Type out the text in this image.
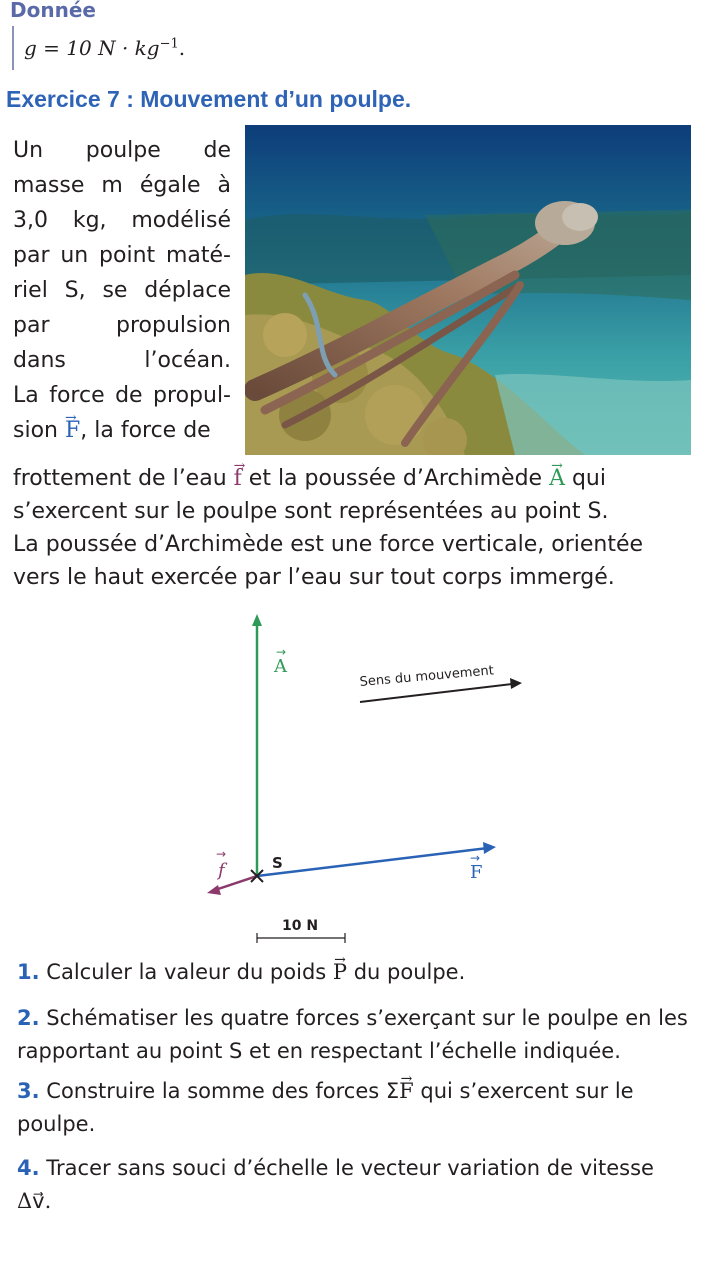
Donnée
g = 10 $N \cdot kg^{-1}$.
Exercice 7 : Mouvement d’un poulpe.
Un poulpe de
masse m égale à
3,0 kg, modélisé
par un point maté-
riel S, se déplace
par propulsion
dans l’océan.
La force de propul-
sion → F, la force de

frottement de l’eau → f et la poussée d’Archimède → A qui s’exercent sur le poulpe sont représentées au point S.

La poussée d’Archimède est une force verticale, orientée vers le haut exercée par l’eau sur tout corps immergé.

A
→
F
→
f
→	S
Sens du mouvement
10 N
1. Calculer la valeur du poids → P du poulpe.
2. Schématiser les quatre forces s’exerçant sur le poulpe en les rapportant au point S et en respectant l’échelle indiquée.
3. Construire la somme des forces Σ→ F qui s’exercent sur le poulpe.
4. Tracer sans souci d’échelle le vecteur variation de vitesse
Δv⃗.
